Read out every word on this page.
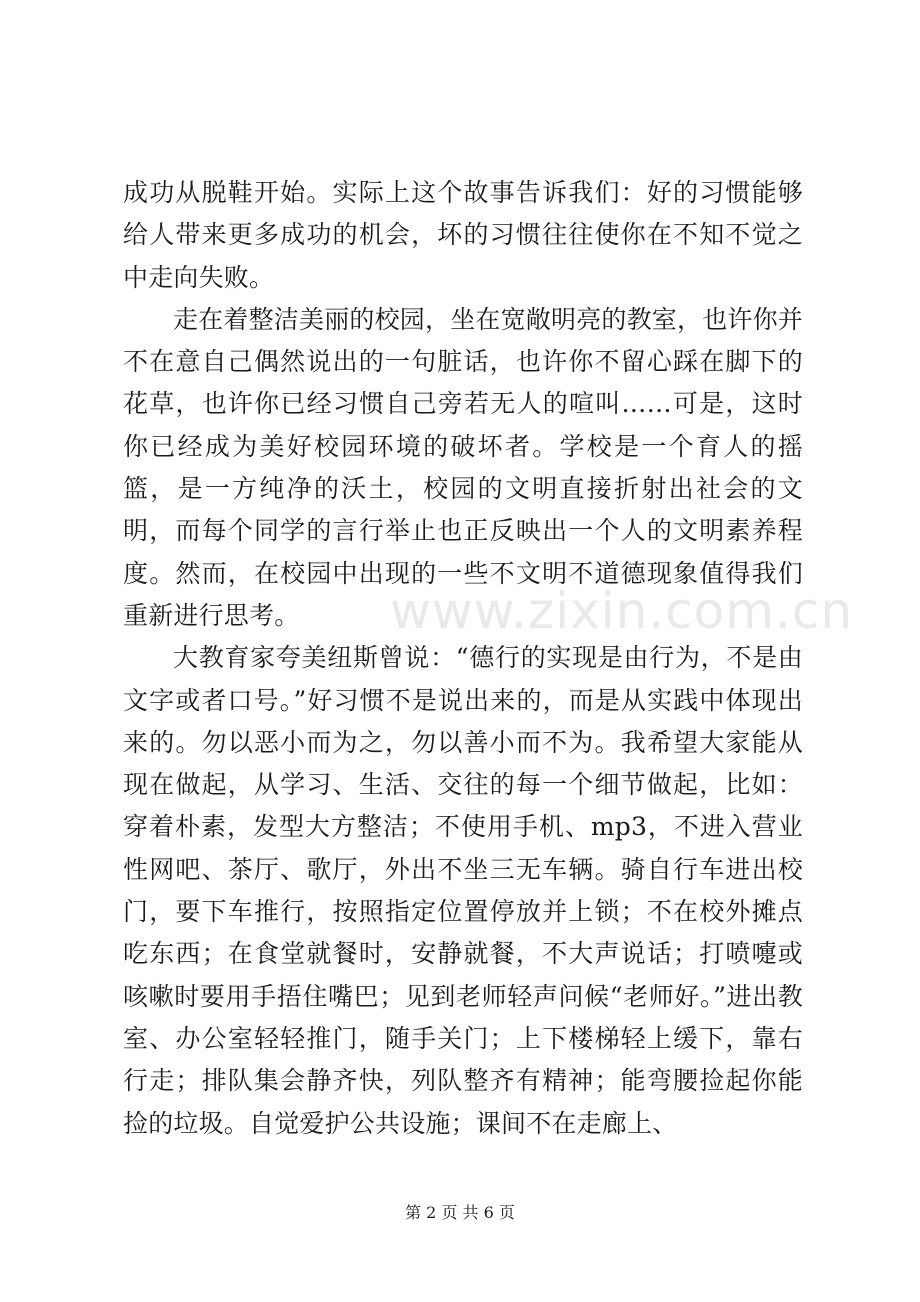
www.zixin.com.cn

成功从脱鞋开始。实际上这个故事告诉我们：好的习惯能够给人带来更多成功的机会，坏的习惯往往使你在不知不觉之中走向失败。

走在着整洁美丽的校园，坐在宽敞明亮的教室，也许你并不在意自己偶然说出的一句脏话，也许你不留心踩在脚下的花草，也许你已经习惯自己旁若无人的喧叫……可是，这时你已经成为美好校园环境的破坏者。学校是一个育人的摇篮，是一方纯净的沃土，校园的文明直接折射出社会的文明，而每个同学的言行举止也正反映出一个人的文明素养程度。然而，在校园中出现的一些不文明不道德现象值得我们重新进行思考。

大教育家夸美纽斯曾说：“德行的实现是由行为，不是由文字或者口号。”好习惯不是说出来的，而是从实践中体现出来的。勿以恶小而为之，勿以善小而不为。我希望大家能从现在做起，从学习、生活、交往的每一个细节做起，比如：穿着朴素，发型大方整洁；不使用手机、mp3，不进入营业性网吧、茶厅、歌厅，外出不坐三无车辆。骑自行车进出校门，要下车推行，按照指定位置停放并上锁；不在校外摊点吃东西；在食堂就餐时，安静就餐，不大声说话；打喷嚏或咳嗽时要用手捂住嘴巴；见到老师轻声问候“老师好。”进出教室、办公室轻轻推门，随手关门；上下楼梯轻上缓下，靠右行走；排队集会静齐快，列队整齐有精神；能弯腰捡起你能捡的垃圾。自觉爱护公共设施；课间不在走廊上、

第 2 页 共 6 页
